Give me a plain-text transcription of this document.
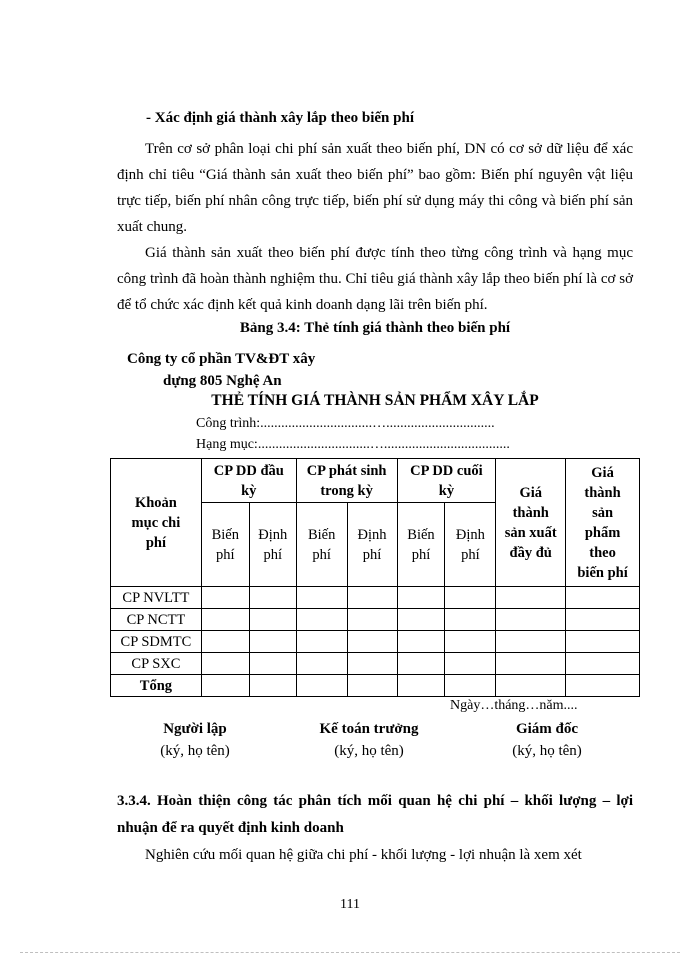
- Xác định giá thành xây lắp theo biến phí

Trên cơ sở phân loại chi phí sản xuất theo biến phí, DN có cơ sở dữ liệu để xác định chỉ tiêu “Giá thành sản xuất theo biến phí” bao gồm: Biến phí nguyên vật liệu trực tiếp, biến phí nhân công trực tiếp, biến phí sử dụng máy thi công và biến phí sản xuất chung.

Giá thành sản xuất theo biến phí được tính theo từng công trình và hạng mục công trình đã hoàn thành nghiệm thu. Chỉ tiêu giá thành xây lắp theo biến phí là cơ sở để tổ chức xác định kết quả kinh doanh dạng lãi trên biến phí.

Bảng 3.4: Thẻ tính giá thành theo biến phí
Công ty cổ phần TV&ĐT xây
dựng 805 Nghệ An
THẺ TÍNH GIÁ THÀNH SẢN PHẨM XÂY LẮP
Công trình:................................…...............................
Hạng mục:................................…....................................
Khoản mục chi phí	CP DD đầu kỳ		CP phát sinh trong kỳ		CP DD cuối kỳ		Giá thành sản xuất đầy đủ	Giá thành sản phẩm theo biến phí
	Biến phí	Định phí	Biến phí	Định phí	Biến phí	Định phí		
CP NVLTT								
CP NCTT								
CP SDMTC								
CP SXC								
Tổng								
Ngày…tháng…năm....
Người lập
(ký, họ tên)
Kế toán trưởng
(ký, họ tên)
Giám đốc
(ký, họ tên)
3.3.4. Hoàn thiện công tác phân tích mối quan hệ chi phí – khối lượng – lợi nhuận để ra quyết định kinh doanh
Nghiên cứu mối quan hệ giữa chi phí - khối lượng - lợi nhuận là xem xét
111
